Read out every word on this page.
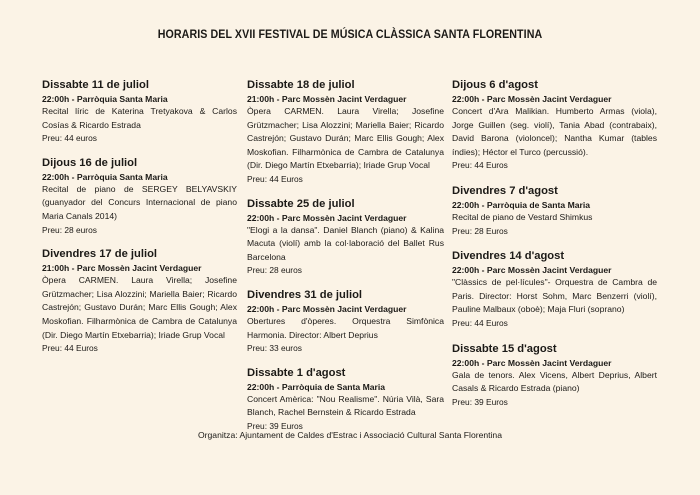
HORARIS DEL XVII FESTIVAL DE MÚSICA CLÀSSICA SANTA FLORENTINA
Dissabte 11 de juliol
22:00h - Parròquia Santa Maria
Recital líric de Katerina Tretyakova & Carlos Cosías & Ricardo Estrada
Preu: 44 euros
Dijous 16 de juliol
22:00h - Parròquia Santa Maria
Recital de piano de SERGEY BELYAVSKIY (guanyador del Concurs Internacional de piano Maria Canals 2014)
Preu: 28 euros
Divendres 17 de juliol
21:00h - Parc Mossèn Jacint Verdaguer
Òpera CARMEN. Laura Virella; Josefine Grützmacher; Lisa Alozzini; Mariella Baier; Ricardo Castrejón; Gustavo Durán; Marc Ellis Gough; Alex Moskofian. Filharmònica de Cambra de Catalunya (Dir. Diego Martín Etxebarria); Iriade Grup Vocal
Preu: 44 Euros
Dissabte 18 de juliol
21:00h - Parc Mossèn Jacint Verdaguer
Òpera CARMEN. Laura Virella; Josefine Grützmacher; Lisa Alozzini; Mariella Baier; Ricardo Castrejón; Gustavo Durán; Marc Ellis Gough; Alex Moskofian. Filharmònica de Cambra de Catalunya (Dir. Diego Martín Etxebarria); Iriade Grup Vocal
Preu: 44 Euros
Dissabte 25 de juliol
22:00h - Parc Mossèn Jacint Verdaguer
"Elogi a la dansa". Daniel Blanch (piano) & Kalina Macuta (violí) amb la col·laboració del Ballet Rus Barcelona
Preu: 28 euros
Divendres 31 de juliol
22:00h - Parc Mossèn Jacint Verdaguer
Obertures d'òperes. Orquestra Simfònica Harmonia. Director: Albert Deprius
Preu: 33 euros
Dissabte 1 d'agost
22:00h - Parròquia de Santa Maria
Concert Amèrica: "Nou Realisme". Núria Vilà, Sara Blanch, Rachel Bernstein & Ricardo Estrada
Preu: 39 Euros
Dijous 6 d'agost
22:00h - Parc Mossèn Jacint Verdaguer
Concert d'Ara Malikian. Humberto Armas (viola), Jorge Guillen (seg. violí), Tania Abad (contrabaix), David Barona (violoncel); Nantha Kumar (tables índies); Héctor el Turco (percussió).
Preu: 44 Euros
Divendres 7 d'agost
22:00h - Parròquia de Santa Maria
Recital de piano de Vestard Shimkus
Preu: 28 Euros
Divendres 14 d'agost
22:00h - Parc Mossèn Jacint Verdaguer
"Clàssics de pel·lícules"- Orquestra de Cambra de Paris. Director: Horst Sohm, Marc Benzerri (violí), Pauline Malbaux (oboè); Maja Fluri (soprano)
Preu: 44 Euros
Dissabte 15 d'agost
22:00h - Parc Mossèn Jacint Verdaguer
Gala de tenors. Alex Vicens, Albert Deprius, Albert Casals & Ricardo Estrada (piano)
Preu: 39 Euros
Organitza: Ajuntament de Caldes d'Estrac i Associació Cultural Santa Florentina
